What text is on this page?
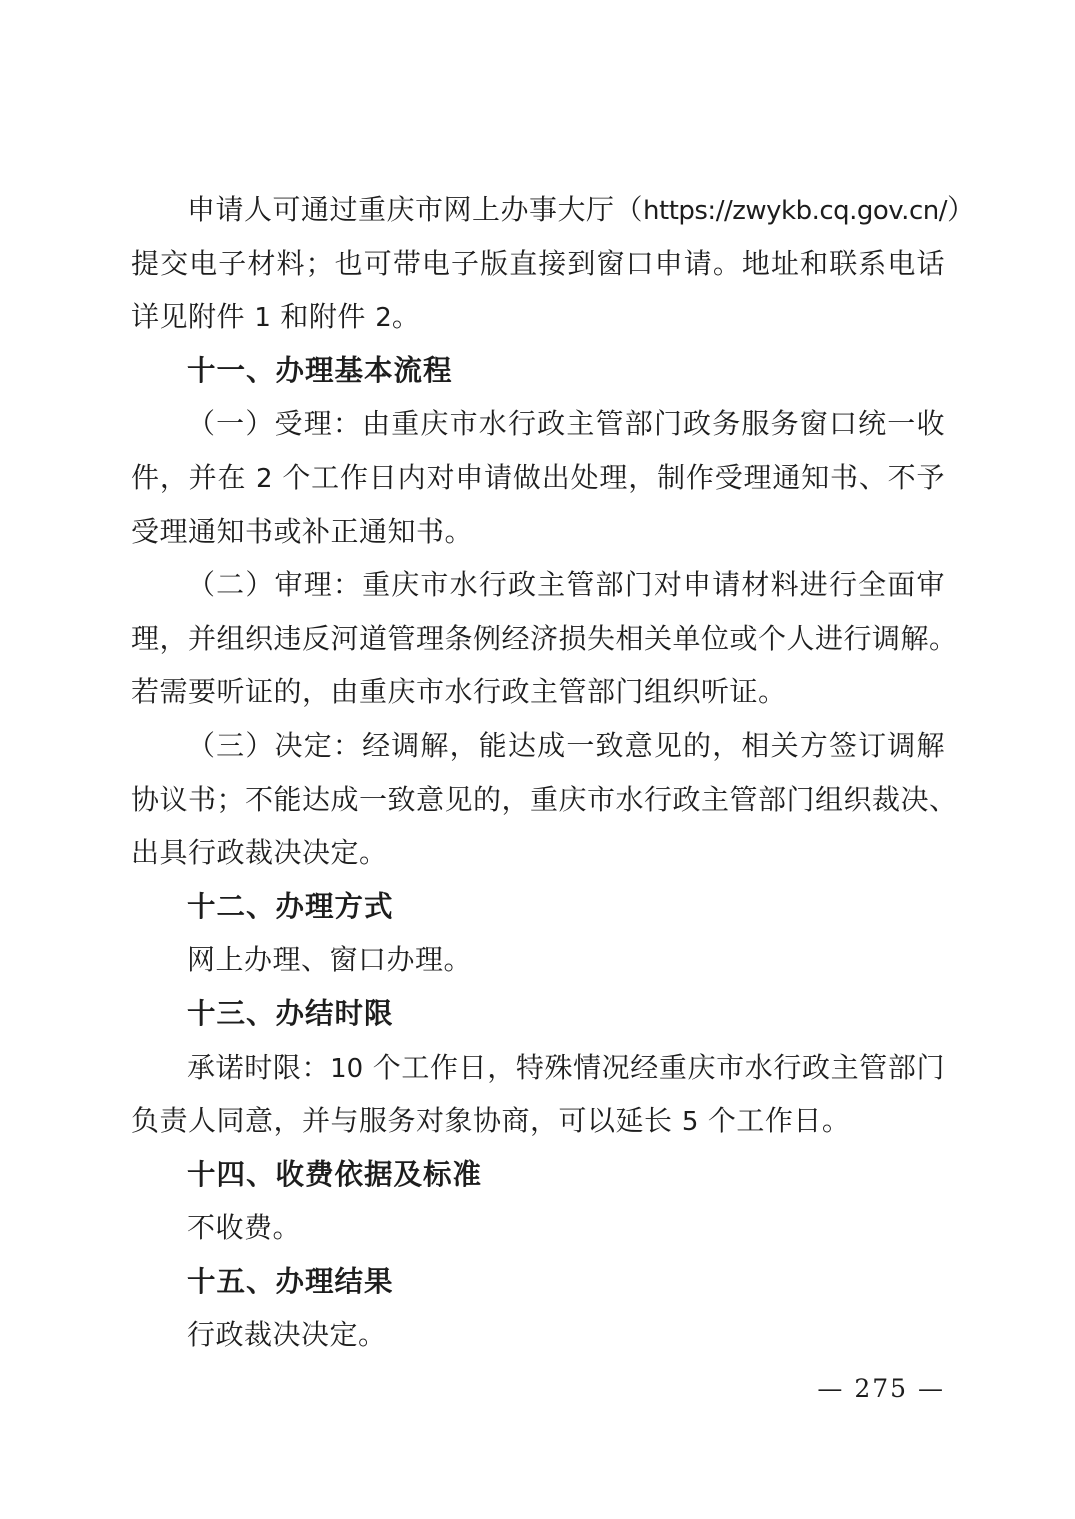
申请人可通过重庆市网上办事大厅（https://zwykb.cq.gov.cn/）
提交电子材料；也可带电子版直接到窗口申请。地址和联系电话
详见附件 1 和附件 2。
十一、办理基本流程
（一）受理：由重庆市水行政主管部门政务服务窗口统一收
件，并在 2 个工作日内对申请做出处理，制作受理通知书、不予
受理通知书或补正通知书。
（二）审理：重庆市水行政主管部门对申请材料进行全面审
理，并组织违反河道管理条例经济损失相关单位或个人进行调解。
若需要听证的，由重庆市水行政主管部门组织听证。
（三）决定：经调解，能达成一致意见的，相关方签订调解
协议书；不能达成一致意见的，重庆市水行政主管部门组织裁决、
出具行政裁决决定。
十二、办理方式
网上办理、窗口办理。
十三、办结时限
承诺时限：10 个工作日，特殊情况经重庆市水行政主管部门
负责人同意，并与服务对象协商，可以延长 5 个工作日。
十四、收费依据及标准
不收费。
十五、办理结果
行政裁决决定。
— 275 —
